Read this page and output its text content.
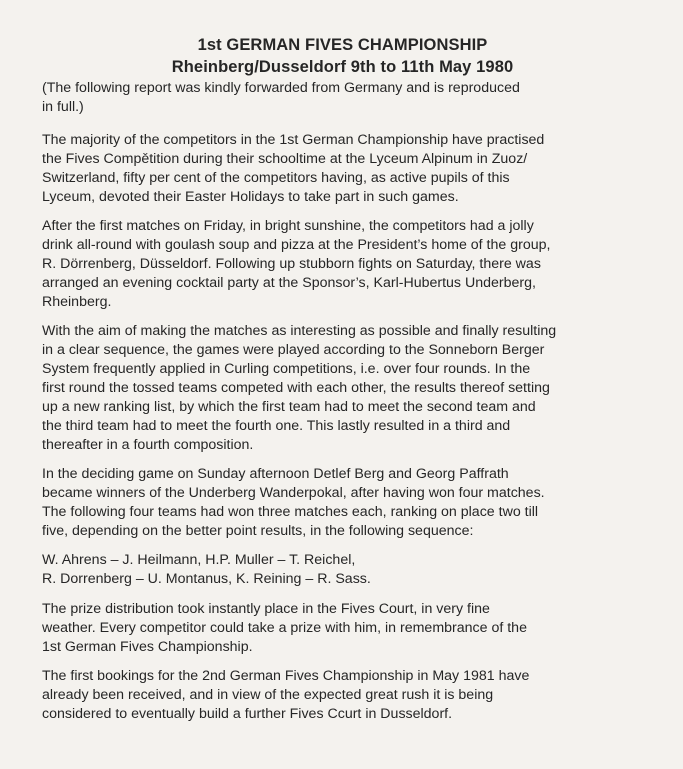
1st GERMAN FIVES CHAMPIONSHIP
Rheinberg/Dusseldorf 9th to 11th May 1980

(The following report was kindly forwarded from Germany and is reproduced
in full.)

The majority of the competitors in the 1st German Championship have practised
the Fives Compětition during their schooltime at the Lyceum Alpinum in Zuoz/
Switzerland, fifty per cent of the competitors having, as active pupils of this
Lyceum, devoted their Easter Holidays to take part in such games.

After the first matches on Friday, in bright sunshine, the competitors had a jolly
drink all-round with goulash soup and pizza at the President’s home of the group,
R. Dörrenberg, Düsseldorf. Following up stubborn fights on Saturday, there was
arranged an evening cocktail party at the Sponsor’s, Karl-Hubertus Underberg,
Rheinberg.

With the aim of making the matches as interesting as possible and finally resulting
in a clear sequence, the games were played according to the Sonneborn Berger
System frequently applied in Curling competitions, i.e. over four rounds. In the
first round the tossed teams competed with each other, the results thereof setting
up a new ranking list, by which the first team had to meet the second team and
the third team had to meet the fourth one. This lastly resulted in a third and
thereafter in a fourth composition.

In the deciding game on Sunday afternoon Detlef Berg and Georg Paffrath
became winners of the Underberg Wanderpokal, after having won four matches.
The following four teams had won three matches each, ranking on place two till
five, depending on the better point results, in the following sequence:

W. Ahrens – J. Heilmann, H.P. Muller – T. Reichel,
R. Dorrenberg – U. Montanus, K. Reining – R. Sass.

The prize distribution took instantly place in the Fives Court, in very fine
weather. Every competitor could take a prize with him, in remembrance of the
1st German Fives Championship.

The first bookings for the 2nd German Fives Championship in May 1981 have
already been received, and in view of the expected great rush it is being
considered to eventually build a further Fives Ccurt in Dusseldorf.
